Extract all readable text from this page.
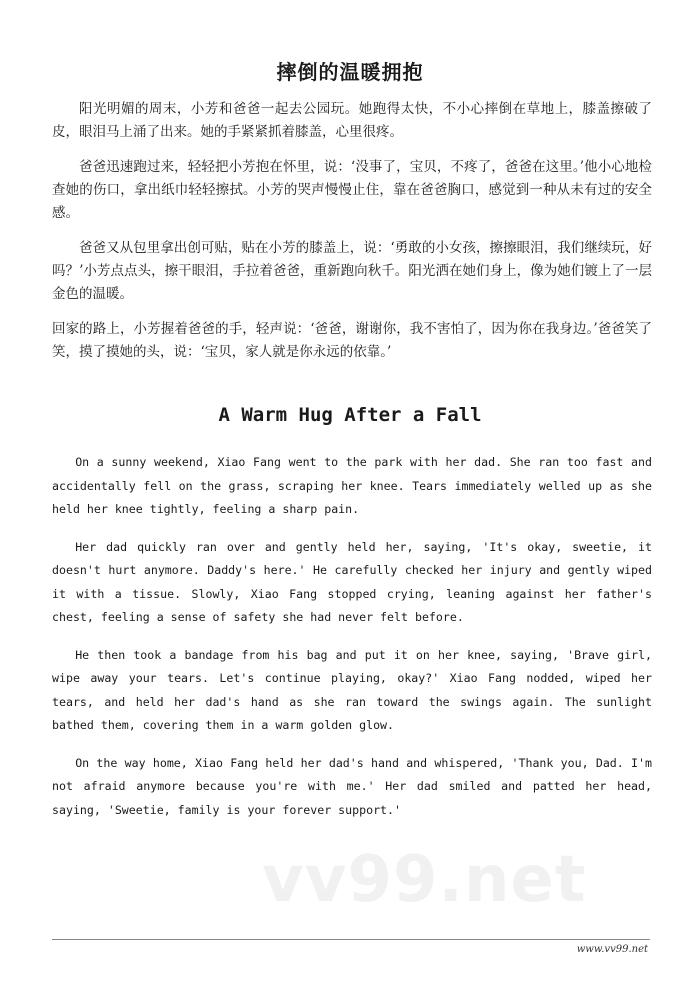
摔倒的温暖拥抱

阳光明媚的周末，小芳和爸爸一起去公园玩。她跑得太快，不小心摔倒在草地上，膝盖擦破了皮，眼泪马上涌了出来。她的手紧紧抓着膝盖，心里很疼。

爸爸迅速跑过来，轻轻把小芳抱在怀里，说：‘没事了，宝贝，不疼了，爸爸在这里。’他小心地检查她的伤口，拿出纸巾轻轻擦拭。小芳的哭声慢慢止住，靠在爸爸胸口，感觉到一种从未有过的安全感。

爸爸又从包里拿出创可贴，贴在小芳的膝盖上，说：‘勇敢的小女孩，擦擦眼泪，我们继续玩，好吗？’小芳点点头，擦干眼泪，手拉着爸爸，重新跑向秋千。阳光洒在她们身上，像为她们镀上了一层金色的温暖。

回家的路上，小芳握着爸爸的手，轻声说：‘爸爸，谢谢你，我不害怕了，因为你在我身边。’爸爸笑了笑，摸了摸她的头，说：‘宝贝，家人就是你永远的依靠。’

A Warm Hug After a Fall

On a sunny weekend, Xiao Fang went to the park with her dad. She ran too fast and accidentally fell on the grass, scraping her knee. Tears immediately welled up as she held her knee tightly, feeling a sharp pain.

Her dad quickly ran over and gently held her, saying, 'It's okay, sweetie, it doesn't hurt anymore. Daddy's here.' He carefully checked her injury and gently wiped it with a tissue. Slowly, Xiao Fang stopped crying, leaning against her father's chest, feeling a sense of safety she had never felt before.

He then took a bandage from his bag and put it on her knee, saying, 'Brave girl, wipe away your tears. Let's continue playing, okay?' Xiao Fang nodded, wiped her tears, and held her dad's hand as she ran toward the swings again. The sunlight bathed them, covering them in a warm golden glow.

On the way home, Xiao Fang held her dad's hand and whispered, 'Thank you, Dad. I'm not afraid anymore because you're with me.' Her dad smiled and patted her head, saying, 'Sweetie, family is your forever support.'

vv99.net
www.vv99.net
